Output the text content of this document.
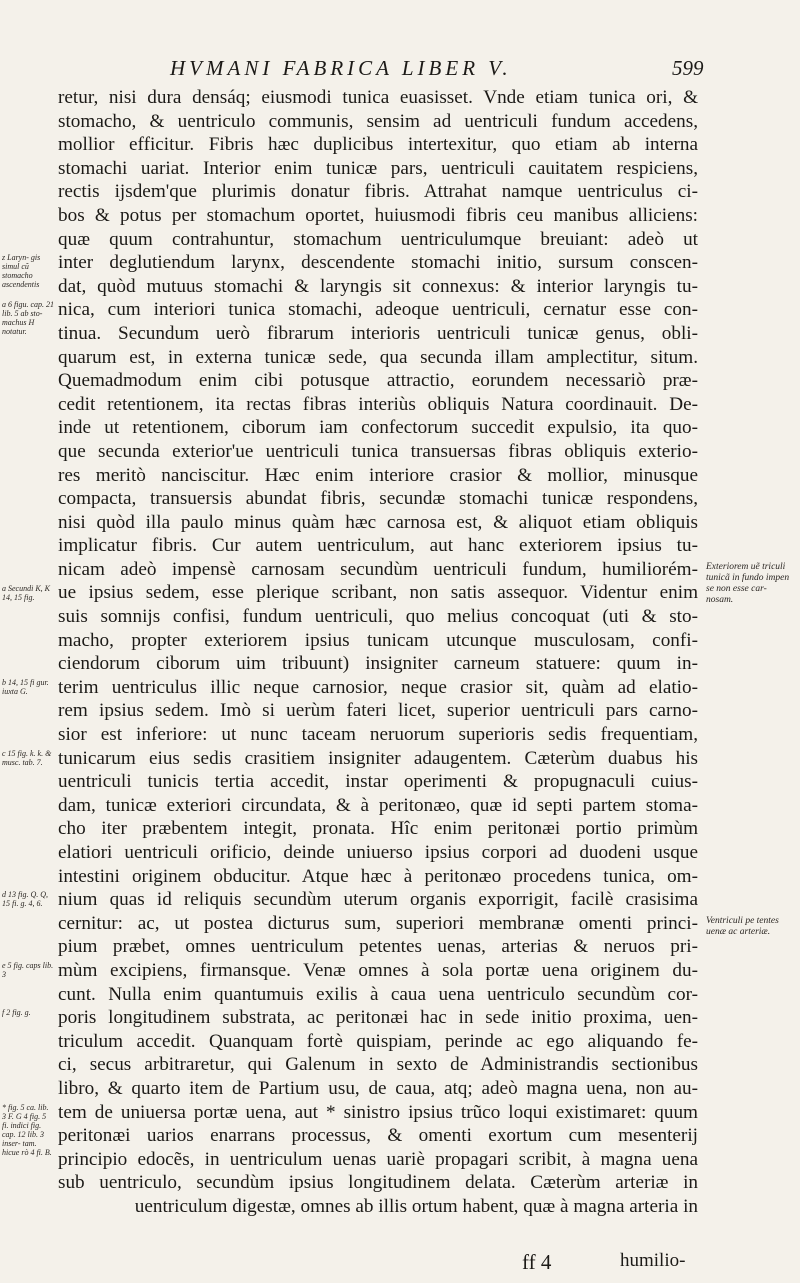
HVMANI FABRICA LIBER V.	599
retur, nisi dura densáq; eiusmodi tunica euasisset. Vnde etiam tunica ori, &
stomacho, & uentriculo communis, sensim ad uentriculi fundum accedens,
mollior efficitur. Fibris hæc duplicibus intertexitur, quo etiam ab interna
stomachi uariat. Interior enim tunicæ pars, uentriculi cauitatem respiciens,
rectis ijsdem'que plurimis donatur fibris. Attrahat namque uentriculus ci-
bos & potus per stomachum oportet, huiusmodi fibris ceu manibus alliciens:
quæ quum contrahuntur, stomachum uentriculumque breuiant: adeò ut
inter deglutiendum larynx, descendente stomachi initio, sursum conscen-
dat, quòd mutuus stomachi & laryngis sit connexus: & interior laryngis tu-
nica, cum interiori tunica stomachi, adeoque uentriculi, cernatur esse con-
tinua. Secundum uerò fibrarum interioris uentriculi tunicæ genus, obli-
quarum est, in externa tunicæ sede, qua secunda illam amplectitur, situm.
Quemadmodum enim cibi potusque attractio, eorundem necessariò præ-
cedit retentionem, ita rectas fibras interiùs obliquis Natura coordinauit. De-
inde ut retentionem, ciborum iam confectorum succedit expulsio, ita quo-
que secunda exterior'ue uentriculi tunica transuersas fibras obliquis exterio-
res meritò nanciscitur. Hæc enim interiore crasior & mollior, minusque
compacta, transuersis abundat fibris, secundæ stomachi tunicæ respondens,
nisi quòd illa paulo minus quàm hæc carnosa est, & aliquot etiam obliquis
implicatur fibris. Cur autem uentriculum, aut hanc exteriorem ipsius tu-
nicam adeò impensè carnosam secundùm uentriculi fundum, humiliorém-
ue ipsius sedem, esse plerique scribant, non satis assequor. Videntur enim
suis somnijs confisi, fundum uentriculi, quo melius concoquat (uti & sto-
macho, propter exteriorem ipsius tunicam utcunque musculosam, confi-
ciendorum ciborum uim tribuunt) insigniter carneum statuere: quum in-
terim uentriculus illic neque carnosior, neque crasior sit, quàm ad elatio-
rem ipsius sedem. Imò si uerùm fateri licet, superior uentriculi pars carno-
sior est inferiore: ut nunc taceam neruorum superioris sedis frequentiam,
tunicarum eius sedis crasitiem insigniter adaugentem. Cæterùm duabus his
uentriculi tunicis tertia accedit, instar operimenti & propugnaculi cuius-
dam, tunicæ exteriori circundata, & à peritonæo, quæ id septi partem stoma-
cho iter præbentem integit, pronata. Hîc enim peritonæi portio primùm
elatiori uentriculi orificio, deinde uniuerso ipsius corpori ad duodeni usque
intestini originem obducitur. Atque hæc à peritonæo procedens tunica, om-
nium quas id reliquis secundùm uterum organis exporrigit, facilè crasisima
cernitur: ac, ut postea dicturus sum, superiori membranæ omenti princi-
pium præbet, omnes uentriculum petentes uenas, arterias & neruos pri-
mùm excipiens, firmansque. Venæ omnes à sola portæ uena originem du-
cunt. Nulla enim quantumuis exilis à caua uena uentriculo secundùm cor-
poris longitudinem substrata, ac peritonæi hac in sede initio proxima, uen-
triculum accedit. Quanquam fortè quispiam, perinde ac ego aliquando fe-
ci, secus arbitraretur, qui Galenum in sexto de Administrandis sectionibus
libro, & quarto item de Partium usu, de caua, atq; adeò magna uena, non au-
tem de uniuersa portæ uena, aut * sinistro ipsius trũco loqui existimaret: quum
peritonæi uarios enarrans processus, & omenti exortum cum mesenterij
principio edocẽs, in uentriculum uenas uariè propagari scribit, à magna uena
sub uentriculo, secundùm ipsius longitudinem delata. Cæterùm arteriæ in
uentriculum digestæ, omnes ab illis ortum habent, quæ à magna arteria in
z Laryn- gis simul cũ stomacho ascendentis
a 6 figu. cap. 21 lib. 5 ab sto- machus H notatur.
a Secundi K, K 14, 15 fig.
b 14, 15 fi gur. iuxta G.
c 15 fig. k. k. & musc. tab. 7.
d 13 fig. Q. Q, 15 fi. g. 4, 6.
e 5 fig. caps lib. 3
f 2 fig. g.
* fig. 5 ca. lib. 3 F. G 4 fig. 5 fi. indici fig. cap. 12 lib. 3 inser- tam. hicue rò 4 fi. B.
Exteriorem uẽ triculi tunicã in fundo impen se non esse car- nosam.
Ventriculi pe tentes uenæ ac arteriæ.
ff 4	humilio-
